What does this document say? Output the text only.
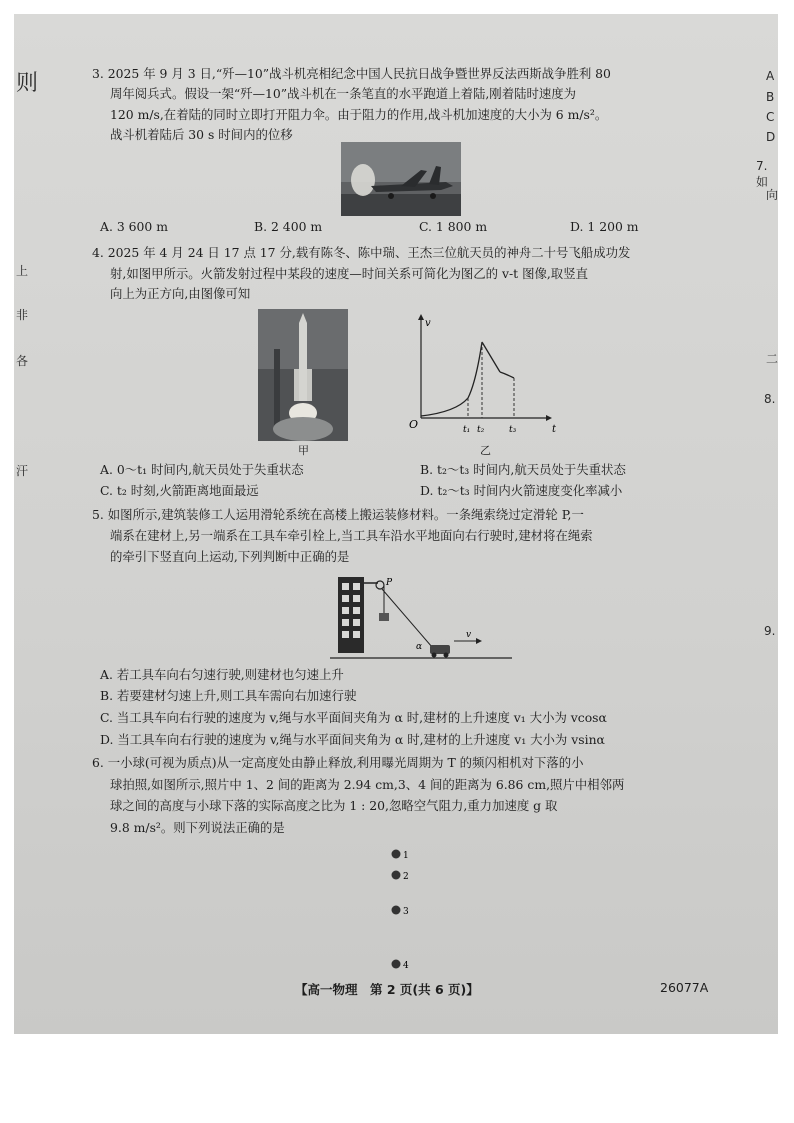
则
上
非
各
汗
A
B
C
D
7. 如
向
二
8.
9.
3. 2025 年 9 月 3 日,“歼—10”战斗机亮相纪念中国人民抗日战争暨世界反法西斯战争胜利 80
周年阅兵式。假设一架“歼—10”战斗机在一条笔直的水平跑道上着陆,刚着陆时速度为
120 m/s,在着陆的同时立即打开阻力伞。由于阻力的作用,战斗机加速度的大小为 6 m/s²。
战斗机着陆后 30 s 时间内的位移
A. 3 600 m	B. 2 400 m	C. 1 800 m	D. 1 200 m
4. 2025 年 4 月 24 日 17 点 17 分,载有陈冬、陈中瑞、王杰三位航天员的神舟二十号飞船成功发
射,如图甲所示。火箭发射过程中某段的速度—时间关系可简化为图乙的 v-t 图像,取竖直
向上为正方向,由图像可知
甲
O
v
t
t₁ t₂	t₃
乙
A. 0～t₁ 时间内,航天员处于失重状态	B. t₂～t₃ 时间内,航天员处于失重状态
C. t₂ 时刻,火箭距离地面最远	D. t₂～t₃ 时间内火箭速度变化率减小
5. 如图所示,建筑装修工人运用滑轮系统在高楼上搬运装修材料。一条绳索绕过定滑轮 P,一
端系在建材上,另一端系在工具车牵引栓上,当工具车沿水平地面向右行驶时,建材将在绳索
的牵引下竖直向上运动,下列判断中正确的是
P
α
v
A. 若工具车向右匀速行驶,则建材也匀速上升
B. 若要建材匀速上升,则工具车需向右加速行驶
C. 当工具车向右行驶的速度为 v,绳与水平面间夹角为 α 时,建材的上升速度 v₁ 大小为 vcosα
D. 当工具车向右行驶的速度为 v,绳与水平面间夹角为 α 时,建材的上升速度 v₁ 大小为 vsinα
6. 一小球(可视为质点)从一定高度处由静止释放,利用曝光周期为 T 的频闪相机对下落的小
球拍照,如图所示,照片中 1、2 间的距离为 2.94 cm,3、4 间的距离为 6.86 cm,照片中相邻两
球之间的高度与小球下落的实际高度之比为 1 : 20,忽略空气阻力,重力加速度 g 取
9.8 m/s²。则下列说法正确的是
1
2
3
4
【高一物理　第 2 页(共 6 页)】	26077A
